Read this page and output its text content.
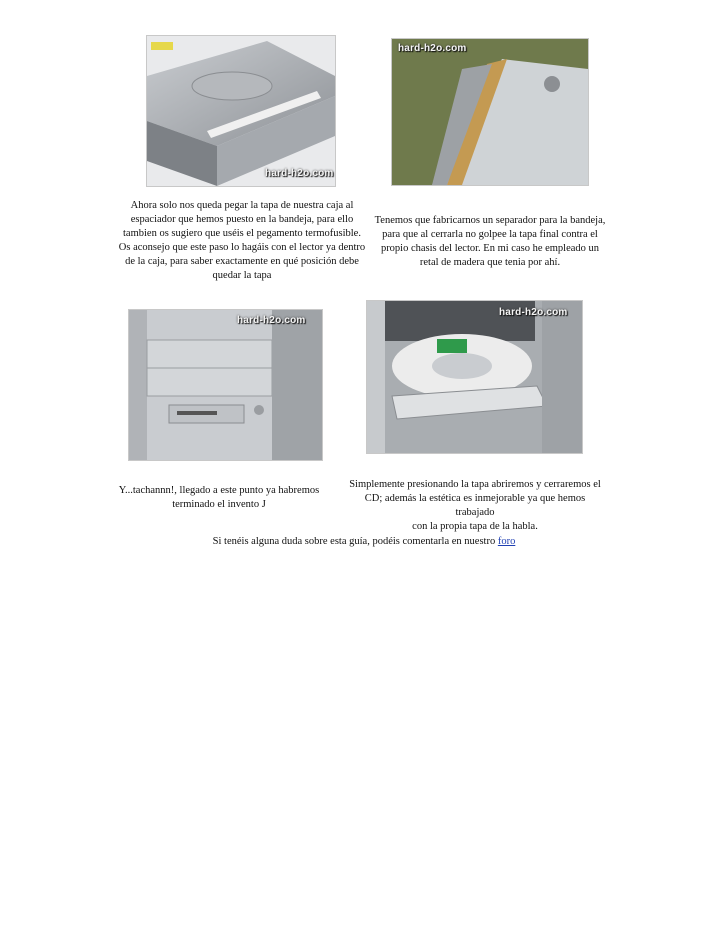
hard-h2o.com
hard-h2o.com
Ahora solo nos queda pegar la tapa de nuestra caja al
espaciador que hemos puesto en la bandeja, para ello
tambien os sugiero que uséis el pegamento termofusible.
Os aconsejo que este paso lo hagáis con el lector ya dentro
de la caja, para saber exactamente en qué posición debe
quedar la tapa
Tenemos que fabricarnos un separador para la bandeja,
para que al cerrarla no golpee la tapa final contra el
propio chasis del lector. En mi caso he empleado un
retal de madera que tenia por ahí.
hard-h2o.com
hard-h2o.com
Y...tachannn!, llegado a este punto ya habremos
terminado el invento J
Simplemente presionando la tapa abriremos y cerraremos el
CD; además la estética es inmejorable ya que hemos trabajado
con la propia tapa de la habla.
Si tenéis alguna duda sobre esta guía, podéis comentarla en nuestro foro
